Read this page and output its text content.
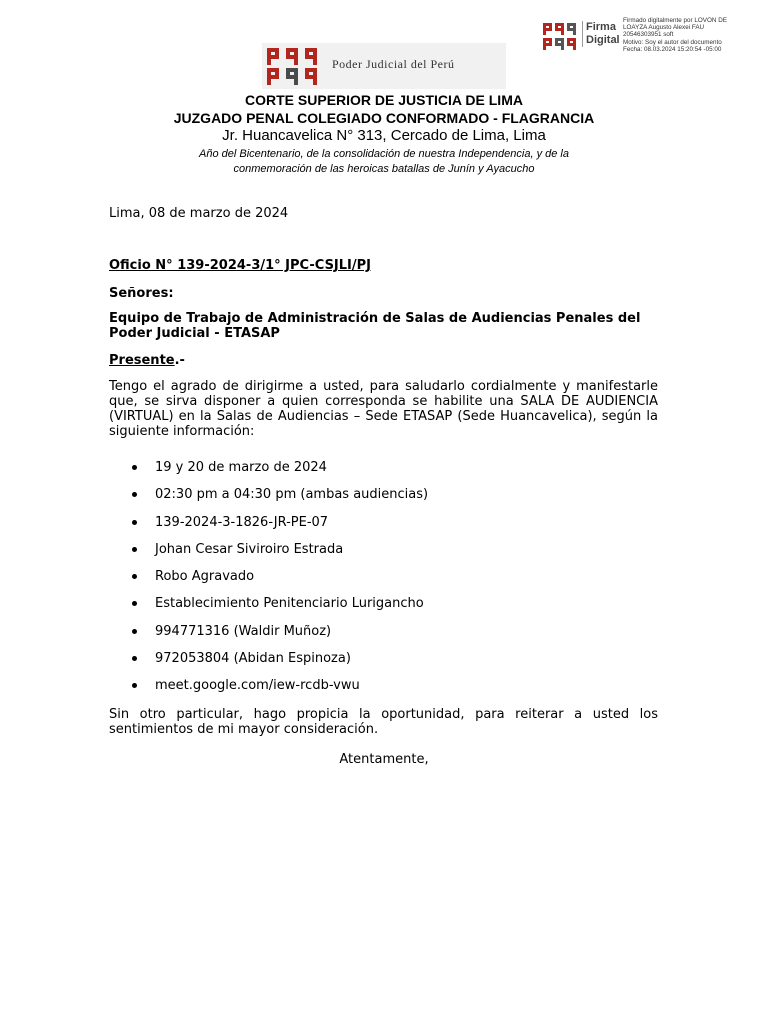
Firma
Digital
Firmado digitalmente por LOVON DE
LOAYZA Augusto Alexei FAU
20546303951 soft
Motivo: Soy el autor del documento
Fecha: 08.03.2024 15:20:54 -05:00
Poder Judicial del Perú
CORTE SUPERIOR DE JUSTICIA DE LIMA
JUZGADO PENAL COLEGIADO CONFORMADO - FLAGRANCIA
Jr. Huancavelica N° 313, Cercado de Lima, Lima
Año del Bicentenario, de la consolidación de nuestra Independencia, y de la
conmemoración de las heroicas batallas de Junín y Ayacucho
Lima, 08 de marzo de 2024
Oficio N° 139-2024-3/1° JPC-CSJLI/PJ
Señores:
Equipo de Trabajo de Administración de Salas de Audiencias Penales del Poder Judicial - ETASAP
Presente.-
Tengo el agrado de dirigirme a usted, para saludarlo cordialmente y manifestarle que, se sirva disponer a quien corresponda se habilite una SALA DE AUDIENCIA (VIRTUAL) en la Salas de Audiencias – Sede ETASAP (Sede Huancavelica), según la siguiente información:
19 y 20 de marzo de 2024
02:30 pm a 04:30 pm (ambas audiencias)
139-2024-3-1826-JR-PE-07
Johan Cesar Siviroiro Estrada
Robo Agravado
Establecimiento Penitenciario Lurigancho
994771316 (Waldir Muñoz)
972053804 (Abidan Espinoza)
meet.google.com/iew-rcdb-vwu
Sin otro particular, hago propicia la oportunidad, para reiterar a usted los sentimientos de mi mayor consideración.
Atentamente,
